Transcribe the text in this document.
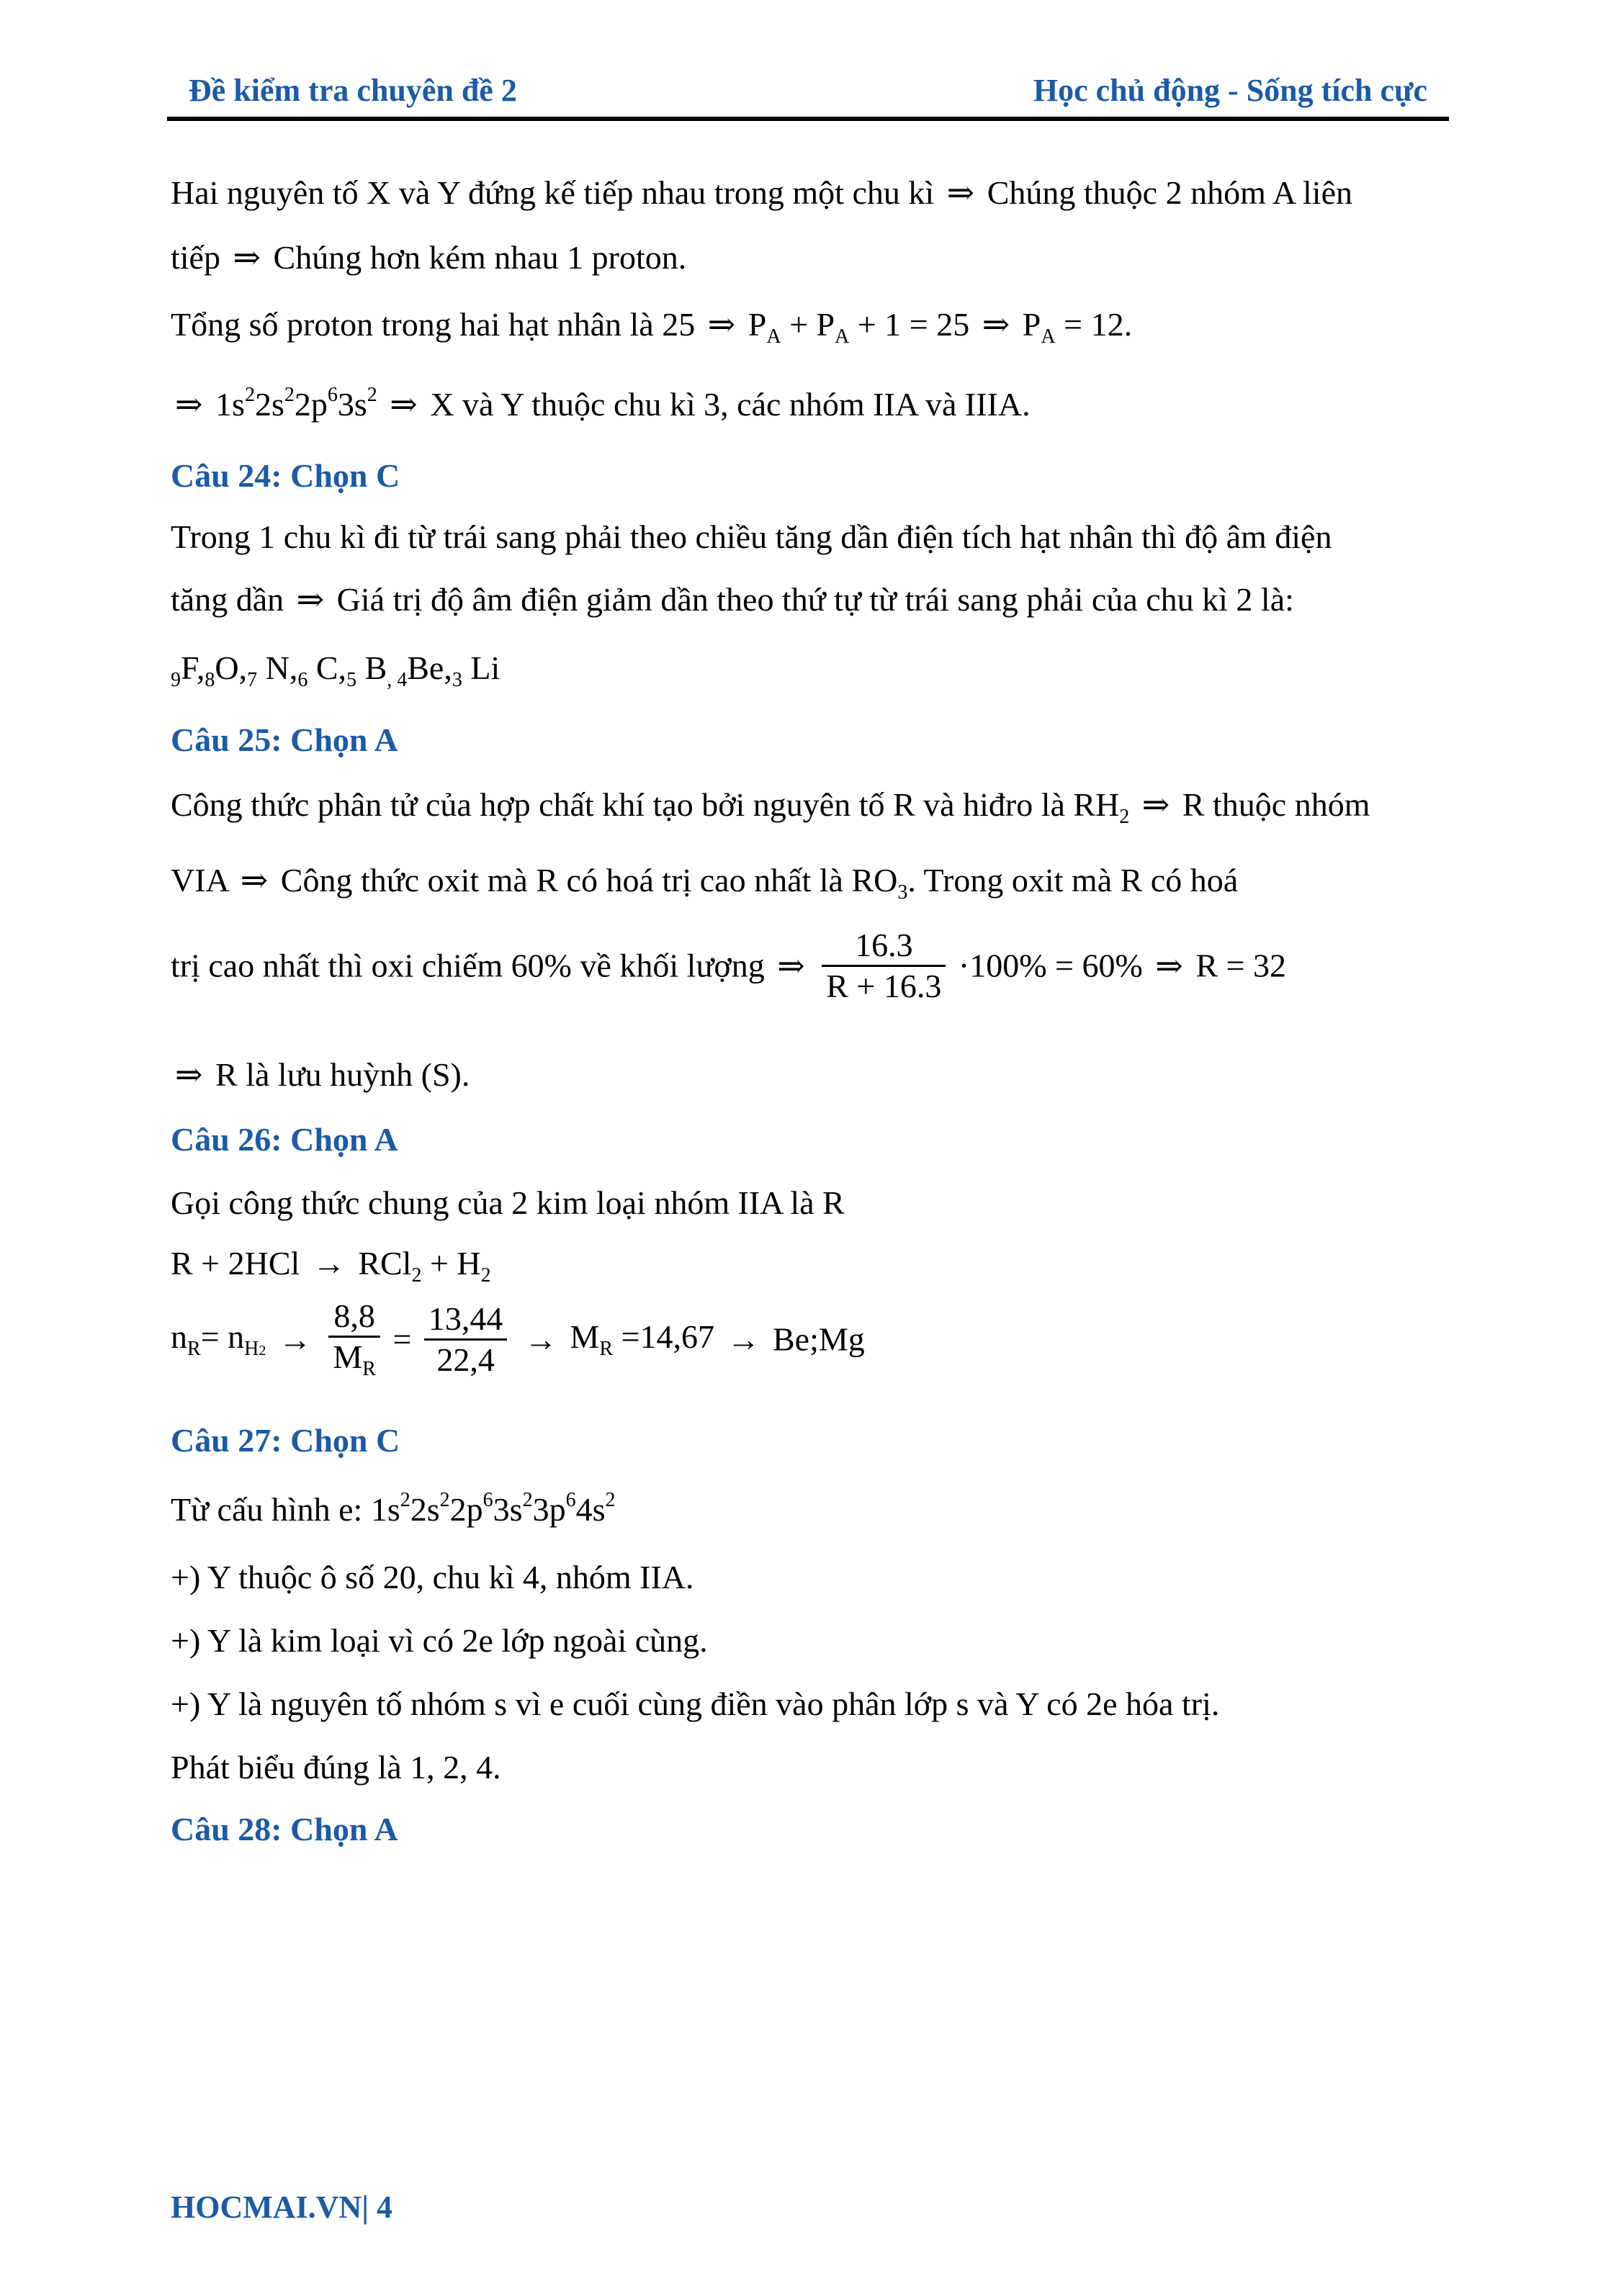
Đề kiểm tra chuyên đề 2	Học chủ động - Sống tích cực
Hai nguyên tố X và Y đứng kế tiếp nhau trong một chu kì ⇒ Chúng thuộc 2 nhóm A liên
tiếp ⇒ Chúng hơn kém nhau 1 proton.
Tổng số proton trong hai hạt nhân là 25 ⇒ $P_A + P_A + 1 = 25$ ⇒ $P_A = 12$.
⇒ $1s^22s^22p^63s^2$ ⇒ X và Y thuộc chu kì 3, các nhóm IIA và IIIA.
Câu 24: Chọn C
Trong 1 chu kì đi từ trái sang phải theo chiều tăng dần điện tích hạt nhân thì độ âm điện
tăng dần ⇒ Giá trị độ âm điện giảm dần theo thứ tự từ trái sang phải của chu kì 2 là:
$_9F,_8O,_7$ $N,_6$ $C,_5$ $B_{, 4}Be,_3$ Li
Câu 25: Chọn A
Công thức phân tử của hợp chất khí tạo bởi nguyên tố R và hiđro là $RH_2$ ⇒ R thuộc nhóm
VIA ⇒ Công thức oxit mà R có hoá trị cao nhất là $RO_3$. Trong oxit mà R có hoá
trị cao nhất thì oxi chiếm 60% về khối lượng ⇒ $\frac{16.3}{R + 16.3} \cdot 100\% = 60\%$ ⇒ R = 32
⇒ R là lưu huỳnh (S).
Câu 26: Chọn A
Gọi công thức chung của 2 kim loại nhóm IIA là R
$R + 2HCl \to RCl_2 + H_2$
$n_R= n_{H2} \to \frac{8,8}{M_R} = \frac{13,44}{22,4} \to M_R =14,67$ → Be;Mg
Câu 27: Chọn C
Từ cấu hình e: $1s^22s^22p^63s^23p^64s^2$
+) Y thuộc ô số 20, chu kì 4, nhóm IIA.
+) Y là kim loại vì có 2e lớp ngoài cùng.
+) Y là nguyên tố nhóm s vì e cuối cùng điền vào phân lớp s và Y có 2e hóa trị.
Phát biểu đúng là 1, 2, 4.
Câu 28: Chọn A
HOCMAI.VN| 4
